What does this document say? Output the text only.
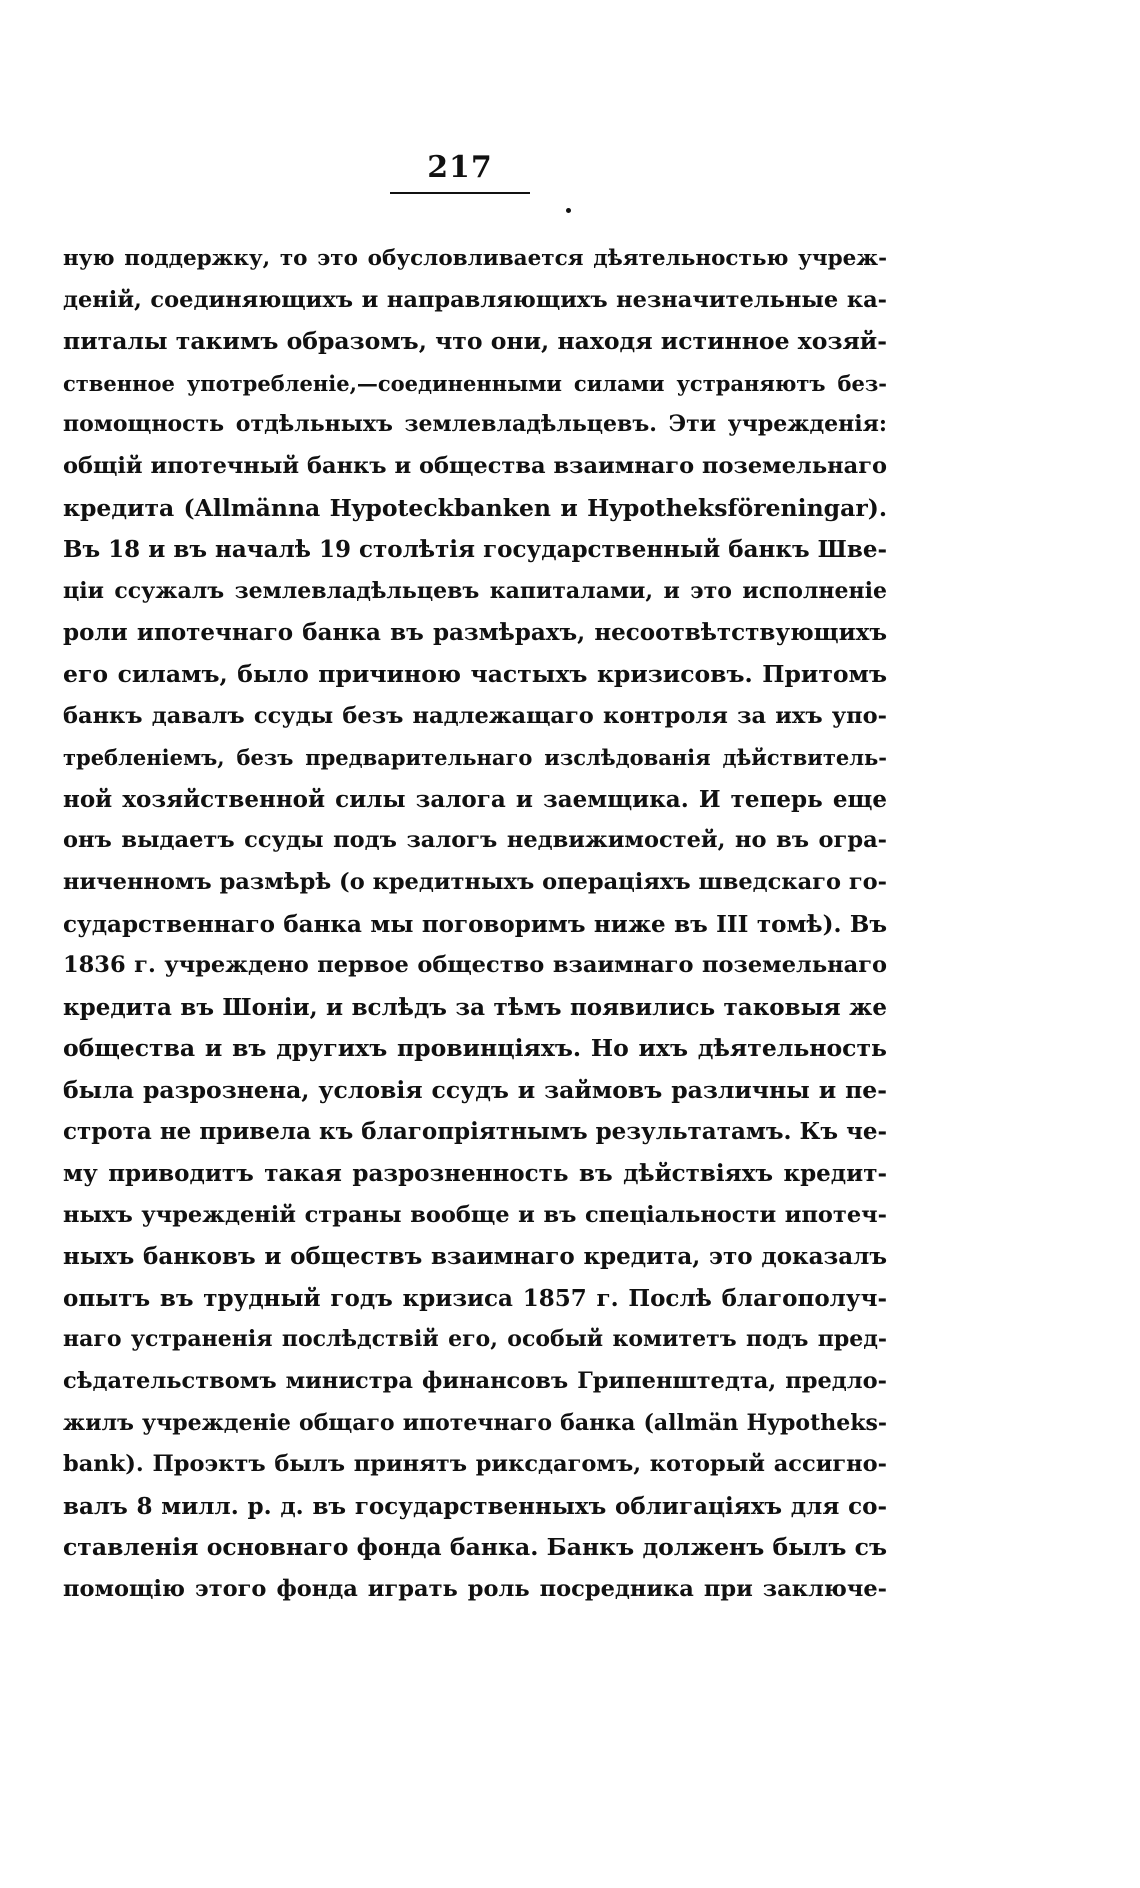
217
ную поддержку, то это обусловливается дѣятельностью учреж-
деній, соединяющихъ и направляющихъ незначительные ка-
питалы такимъ образомъ, что они, находя истинное хозяй-
ственное употребленіе,—соединенными силами устраняютъ без-
помощность отдѣльныхъ землевладѣльцевъ. Эти учрежденія:
общій ипотечный банкъ и общества взаимнаго поземельнаго
кредита (Allmänna Hypoteckbanken и Hypotheksföreningar).
Въ 18 и въ началѣ 19 столѣтія государственный банкъ Шве-
ціи ссужалъ землевладѣльцевъ капиталами, и это исполненіе
роли ипотечнаго банка въ размѣрахъ, несоотвѣтствующихъ
его силамъ, было причиною частыхъ кризисовъ. Притомъ
банкъ давалъ ссуды безъ надлежащаго контроля за ихъ упо-
требленіемъ, безъ предварительнаго изслѣдованія дѣйствитель-
ной хозяйственной силы залога и заемщика. И теперь еще
онъ выдаетъ ссуды подъ залогъ недвижимостей, но въ огра-
ниченномъ размѣрѣ (о кредитныхъ операціяхъ шведскаго го-
сударственнаго банка мы поговоримъ ниже въ III томѣ). Въ
1836 г. учреждено первое общество взаимнаго поземельнаго
кредита въ Шоніи, и вслѣдъ за тѣмъ появились таковыя же
общества и въ другихъ провинціяхъ. Но ихъ дѣятельность
была разрознена, условія ссудъ и займовъ различны и пе-
строта не привела къ благопріятнымъ результатамъ. Къ че-
му приводитъ такая разрозненность въ дѣйствіяхъ кредит-
ныхъ учрежденій страны вообще и въ спеціальности ипотеч-
ныхъ банковъ и обществъ взаимнаго кредита, это доказалъ
опытъ въ трудный годъ кризиса 1857 г. Послѣ благополуч-
наго устраненія послѣдствій его, особый комитетъ подъ пред-
сѣдательствомъ министра финансовъ Грипенштедта, предло-
жилъ учрежденіе общаго ипотечнаго банка (allmän Hypotheks-
bank). Проэктъ былъ принятъ риксдагомъ, который ассигно-
валъ 8 милл. р. д. въ государственныхъ облигаціяхъ для со-
ставленія основнаго фонда банка. Банкъ долженъ былъ съ
помощію этого фонда играть роль посредника при заключе-
